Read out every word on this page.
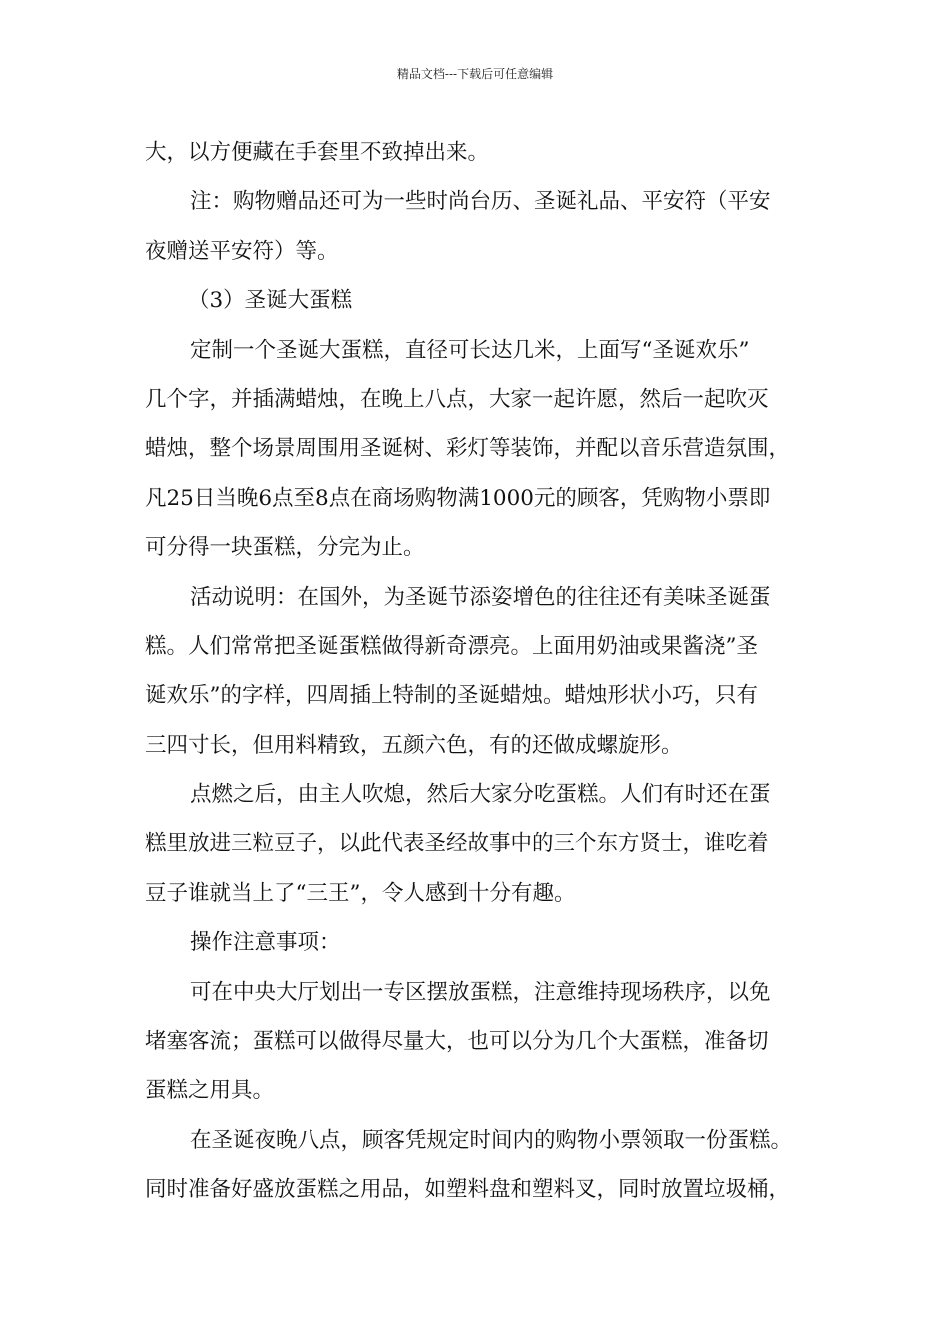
精品文档---下载后可任意编辑
大，以方便藏在手套里不致掉出来。
注：购物赠品还可为一些时尚台历、圣诞礼品、平安符（平安
夜赠送平安符）等。
（3）圣诞大蛋糕
定制一个圣诞大蛋糕，直径可长达几米，上面写“圣诞欢乐”
几个字，并插满蜡烛，在晚上八点，大家一起许愿，然后一起吹灭
蜡烛，整个场景周围用圣诞树、彩灯等装饰，并配以音乐营造氛围，
凡25日当晚6点至8点在商场购物满1000元的顾客，凭购物小票即
可分得一块蛋糕，分完为止。
活动说明：在国外，为圣诞节添姿增色的往往还有美味圣诞蛋
糕。人们常常把圣诞蛋糕做得新奇漂亮。上面用奶油或果酱浇”圣
诞欢乐”的字样，四周插上特制的圣诞蜡烛。蜡烛形状小巧，只有
三四寸长，但用料精致，五颜六色，有的还做成螺旋形。
点燃之后，由主人吹熄，然后大家分吃蛋糕。人们有时还在蛋
糕里放进三粒豆子，以此代表圣经故事中的三个东方贤士，谁吃着
豆子谁就当上了“三王”，令人感到十分有趣。
操作注意事项：
可在中央大厅划出一专区摆放蛋糕，注意维持现场秩序，以免
堵塞客流；蛋糕可以做得尽量大，也可以分为几个大蛋糕，准备切
蛋糕之用具。
在圣诞夜晚八点，顾客凭规定时间内的购物小票领取一份蛋糕。
同时准备好盛放蛋糕之用品，如塑料盘和塑料叉，同时放置垃圾桶，
